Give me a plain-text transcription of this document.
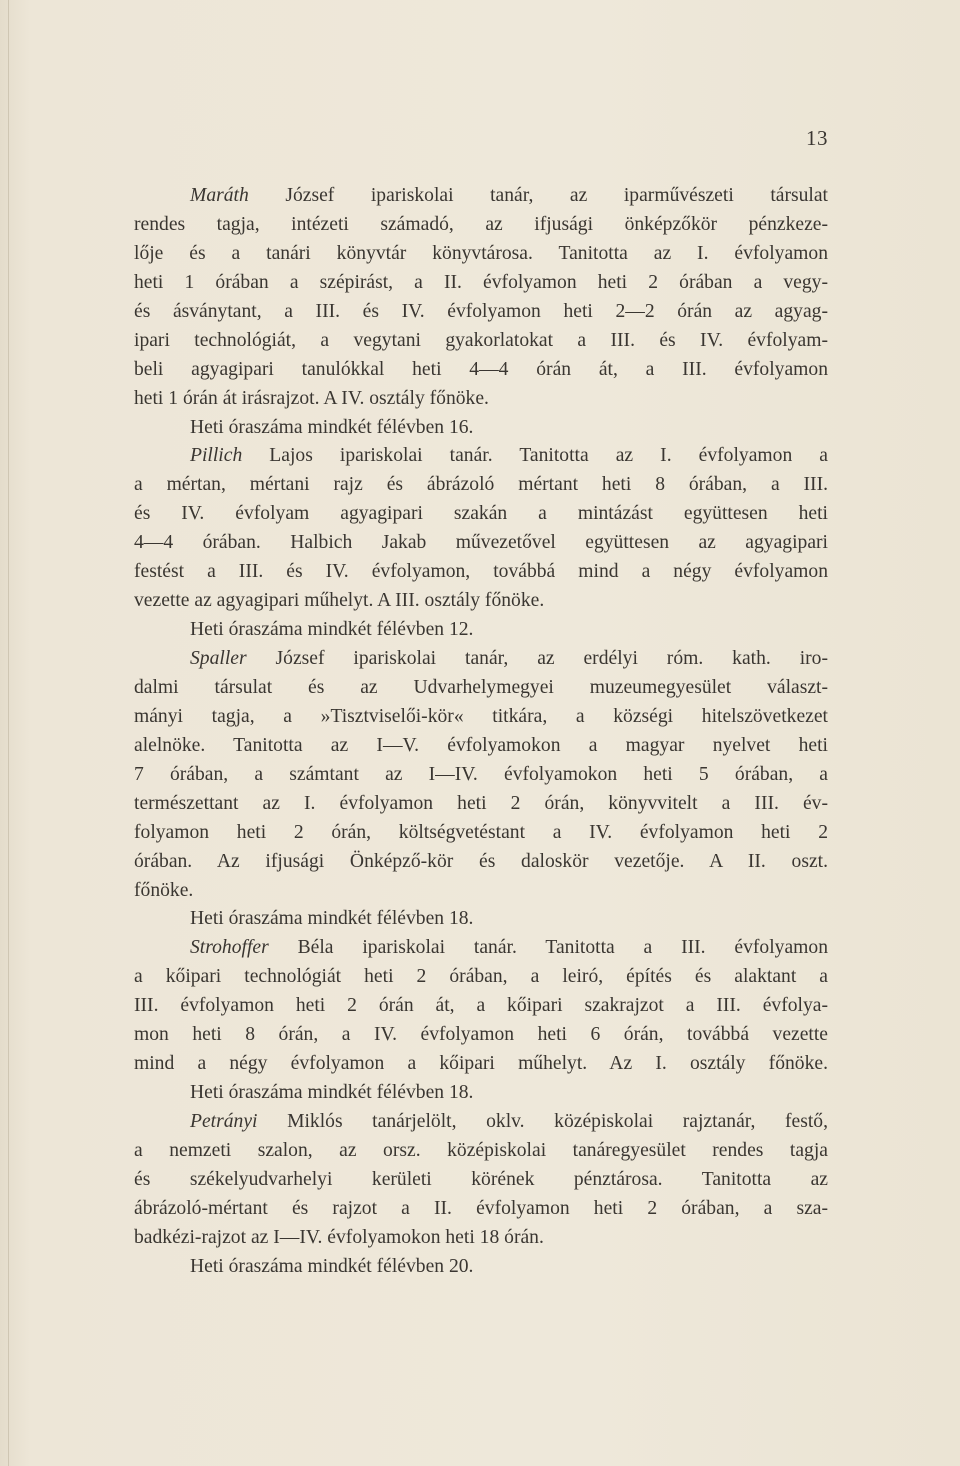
13
Maráth József ipariskolai tanár, az iparművészeti társulat
rendes tagja, intézeti számadó, az ifjusági önképzőkör pénzkeze-
lője és a tanári könyvtár könyvtárosa. Tanitotta az I. évfolyamon
heti 1 órában a szépirást, a II. évfolyamon heti 2 órában a vegy-
és ásványtant, a III. és IV. évfolyamon heti 2—2 órán az agyag-
ipari technológiát, a vegytani gyakorlatokat a III. és IV. évfolyam-
beli agyagipari tanulókkal heti 4—4 órán át, a III. évfolyamon
heti 1 órán át irásrajzot. A IV. osztály főnöke.
Heti óraszáma mindkét félévben 16.
Pillich Lajos ipariskolai tanár. Tanitotta az I. évfolyamon a
a mértan, mértani rajz és ábrázoló mértant heti 8 órában, a III.
és IV. évfolyam agyagipari szakán a mintázást együttesen heti
4—4 órában. Halbich Jakab művezetővel együttesen az agyagipari
festést a III. és IV. évfolyamon, továbbá mind a négy évfolyamon
vezette az agyagipari műhelyt. A III. osztály főnöke.
Heti óraszáma mindkét félévben 12.
Spaller József ipariskolai tanár, az erdélyi róm. kath. iro-
dalmi társulat és az Udvarhelymegyei muzeumegyesület választ-
mányi tagja, a »Tisztviselői-kör« titkára, a községi hitelszövetkezet
alelnöke. Tanitotta az I—V. évfolyamokon a magyar nyelvet heti
7 órában, a számtant az I—IV. évfolyamokon heti 5 órában, a
természettant az I. évfolyamon heti 2 órán, könyvvitelt a III. év-
folyamon heti 2 órán, költségvetéstant a IV. évfolyamon heti 2
órában. Az ifjusági Önképző-kör és daloskör vezetője. A II. oszt.
főnöke.
Heti óraszáma mindkét félévben 18.
Strohoffer Béla ipariskolai tanár. Tanitotta a III. évfolyamon
a kőipari technológiát heti 2 órában, a leiró, építés és alaktant a
III. évfolyamon heti 2 órán át, a kőipari szakrajzot a III. évfolya-
mon heti 8 órán, a IV. évfolyamon heti 6 órán, továbbá vezette
mind a négy évfolyamon a kőipari műhelyt. Az I. osztály főnöke.
Heti óraszáma mindkét félévben 18.
Petrányi Miklós tanárjelölt, oklv. középiskolai rajztanár, festő,
a nemzeti szalon, az orsz. középiskolai tanáregyesület rendes tagja
és székelyudvarhelyi kerületi körének pénztárosa. Tanitotta az
ábrázoló-mértant és rajzot a II. évfolyamon heti 2 órában, a sza-
badkézi-rajzot az I—IV. évfolyamokon heti 18 órán.
Heti óraszáma mindkét félévben 20.
